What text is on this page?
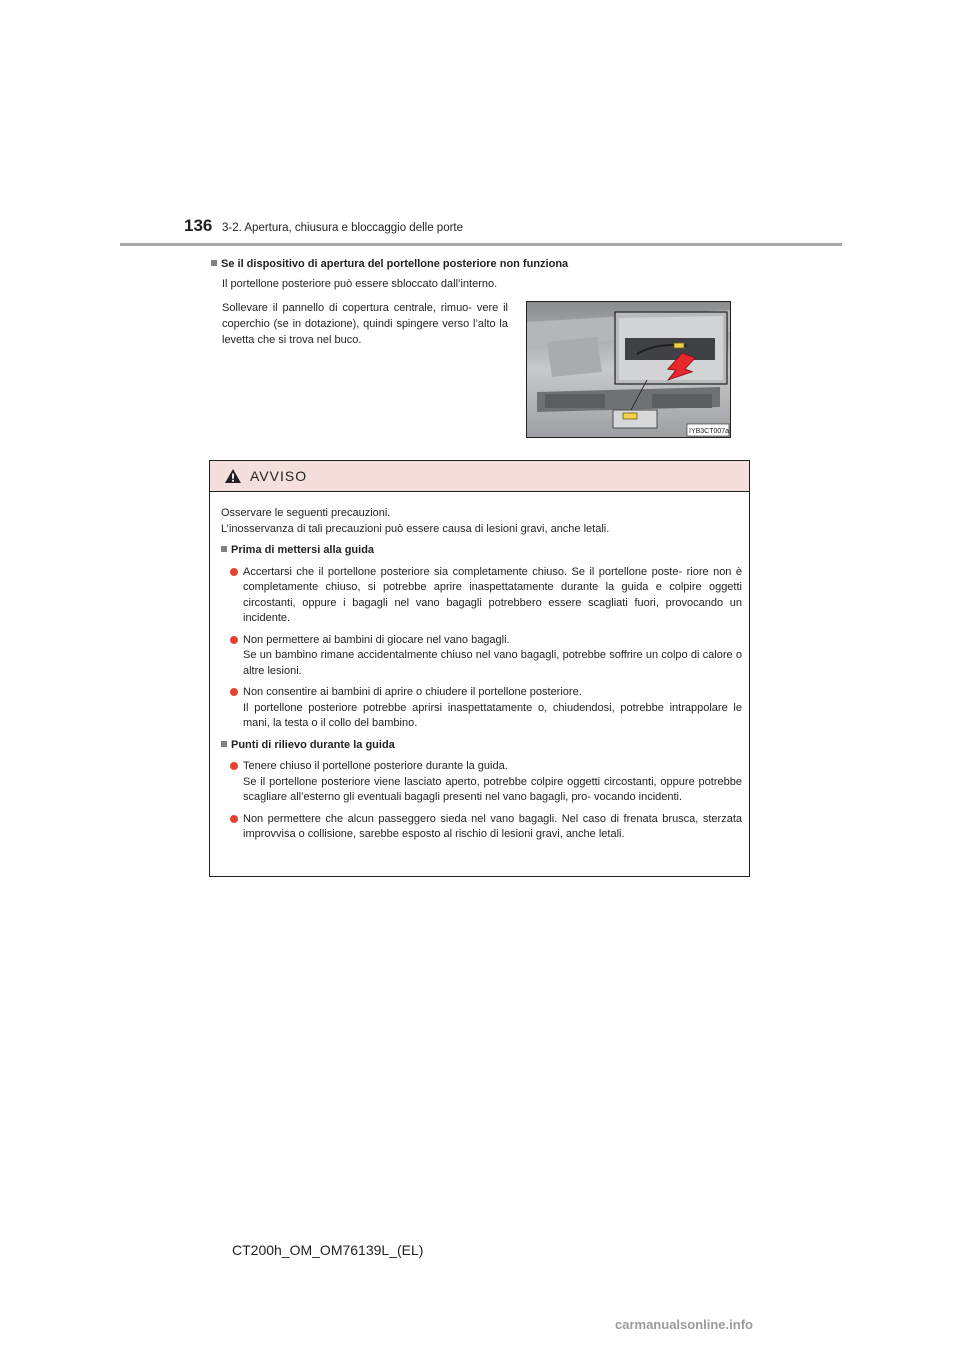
136 3-2. Apertura, chiusura e bloccaggio delle porte
Se il dispositivo di apertura del portellone posteriore non funziona
Il portellone posteriore può essere sbloccato dall’interno.
Sollevare il pannello di copertura centrale, rimuo- vere il coperchio (se in dotazione), quindi spingere verso l’alto la levetta che si trova nel buco.
IYB3CT007a
AVVISO
Osservare le seguenti precauzioni.
L’inosservanza di tali precauzioni può essere causa di lesioni gravi, anche letali.
Prima di mettersi alla guida
Accertarsi che il portellone posteriore sia completamente chiuso. Se il portellone poste- riore non è completamente chiuso, si potrebbe aprire inaspettatamente durante la guida e colpire oggetti circostanti, oppure i bagagli nel vano bagagli potrebbero essere scagliati fuori, provocando un incidente.
Non permettere ai bambini di giocare nel vano bagagli.
Se un bambino rimane accidentalmente chiuso nel vano bagagli, potrebbe soffrire un colpo di calore o altre lesioni.
Non consentire ai bambini di aprire o chiudere il portellone posteriore.
Il portellone posteriore potrebbe aprirsi inaspettatamente o, chiudendosi, potrebbe intrappolare le mani, la testa o il collo del bambino.
Punti di rilievo durante la guida
Tenere chiuso il portellone posteriore durante la guida.
Se il portellone posteriore viene lasciato aperto, potrebbe colpire oggetti circostanti, oppure potrebbe scagliare all’esterno gli eventuali bagagli presenti nel vano bagagli, pro- vocando incidenti.
Non permettere che alcun passeggero sieda nel vano bagagli. Nel caso di frenata brusca, sterzata improvvisa o collisione, sarebbe esposto al rischio di lesioni gravi, anche letali.
CT200h_OM_OM76139L_(EL)
carmanualsonline.info
